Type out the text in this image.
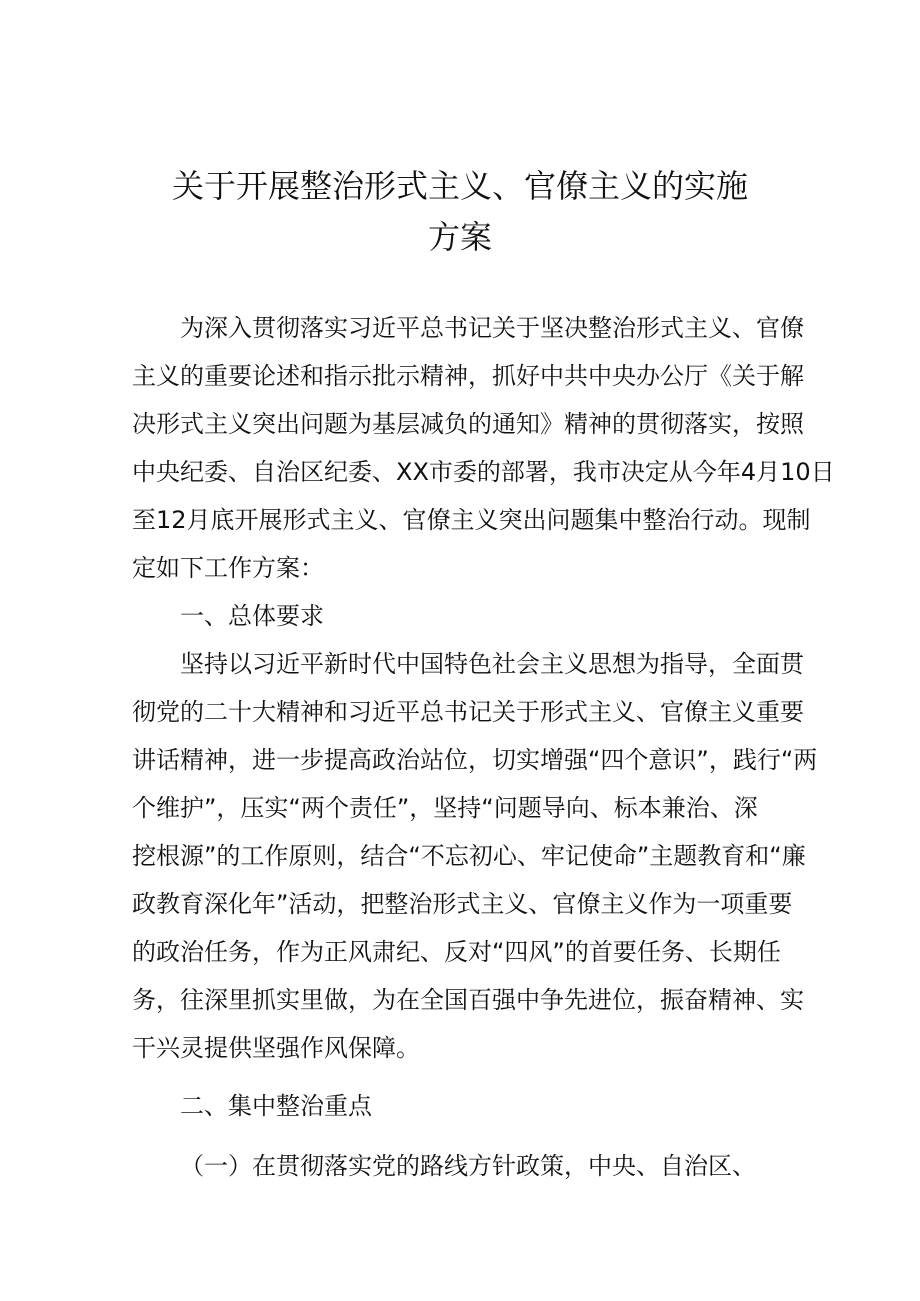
关于开展整治形式主义、官僚主义的实施
方案

为深入贯彻落实习近平总书记关于坚决整治形式主义、官僚

主义的重要论述和指示批示精神，抓好中共中央办公厅《关于解

决形式主义突出问题为基层减负的通知》精神的贯彻落实，按照

中央纪委、自治区纪委、XX市委的部署，我市决定从今年4月10日

至12月底开展形式主义、官僚主义突出问题集中整治行动。现制

定如下工作方案：

一、总体要求

坚持以习近平新时代中国特色社会主义思想为指导，全面贯

彻党的二十大精神和习近平总书记关于形式主义、官僚主义重要

讲话精神，进一步提高政治站位，切实增强“四个意识”，践行“两

个维护”，压实“两个责任”，坚持“问题导向、标本兼治、深

挖根源”的工作原则，结合“不忘初心、牢记使命”主题教育和“廉

政教育深化年”活动，把整治形式主义、官僚主义作为一项重要

的政治任务，作为正风肃纪、反对“四风”的首要任务、长期任

务，往深里抓实里做，为在全国百强中争先进位，振奋精神、实

干兴灵提供坚强作风保障。

二、集中整治重点

（一）在贯彻落实党的路线方针政策，中央、自治区、
